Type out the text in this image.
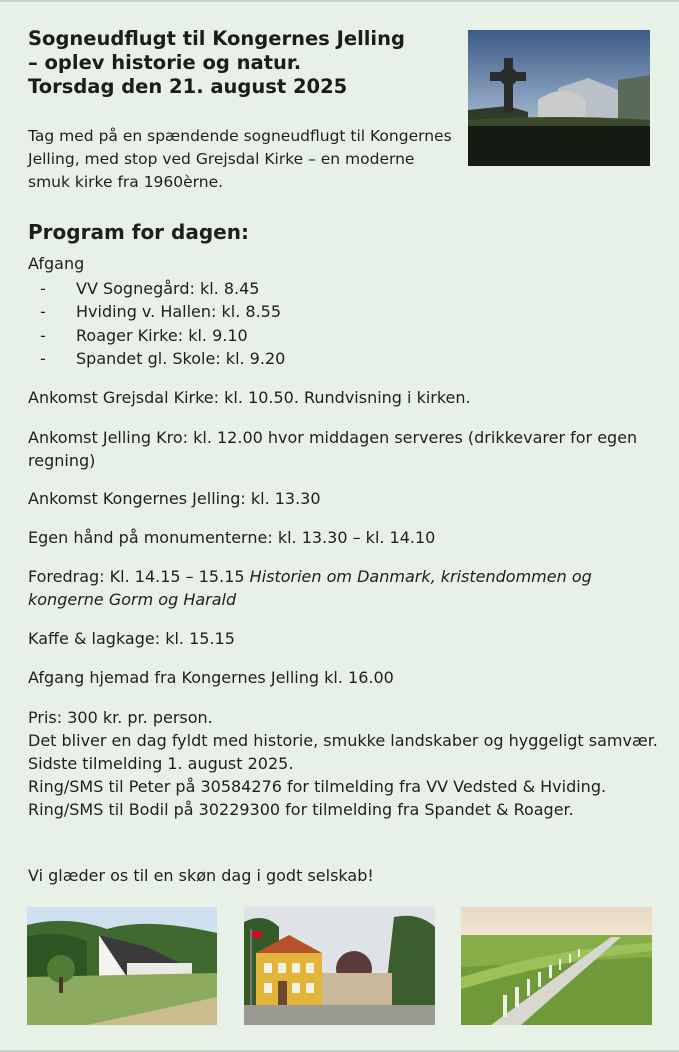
Sogneudflugt til Kongernes Jelling
– oplev historie og natur.
Torsdag den 21. august 2025
Tag med på en spændende sogneudflugt til Kongernes Jelling, med stop ved Grejsdal Kirke – en moderne smuk kirke fra 1960èrne.
Program for dagen:
Afgang
-	VV Sognegård: kl. 8.45
-	Hviding v. Hallen: kl. 8.55
-	Roager Kirke: kl. 9.10
-	Spandet gl. Skole: kl. 9.20
Ankomst Grejsdal Kirke: kl. 10.50. Rundvisning i kirken.
Ankomst Jelling Kro: kl. 12.00 hvor middagen serveres (drikkevarer for egen regning)
Ankomst Kongernes Jelling: kl. 13.30
Egen hånd på monumenterne: kl. 13.30 – kl. 14.10
Foredrag: Kl. 14.15 – 15.15 Historien om Danmark, kristendommen og kongerne Gorm og Harald
Kaffe & lagkage: kl. 15.15
Afgang hjemad fra Kongernes Jelling kl. 16.00
Pris: 300 kr. pr. person.
Det bliver en dag fyldt med historie, smukke landskaber og hyggeligt samvær. Sidste tilmelding 1. august 2025.
Ring/SMS til Peter på 30584276 for tilmelding fra VV Vedsted & Hviding.
Ring/SMS til Bodil på 30229300 for tilmelding fra Spandet & Roager.
Vi glæder os til en skøn dag i godt selskab!
